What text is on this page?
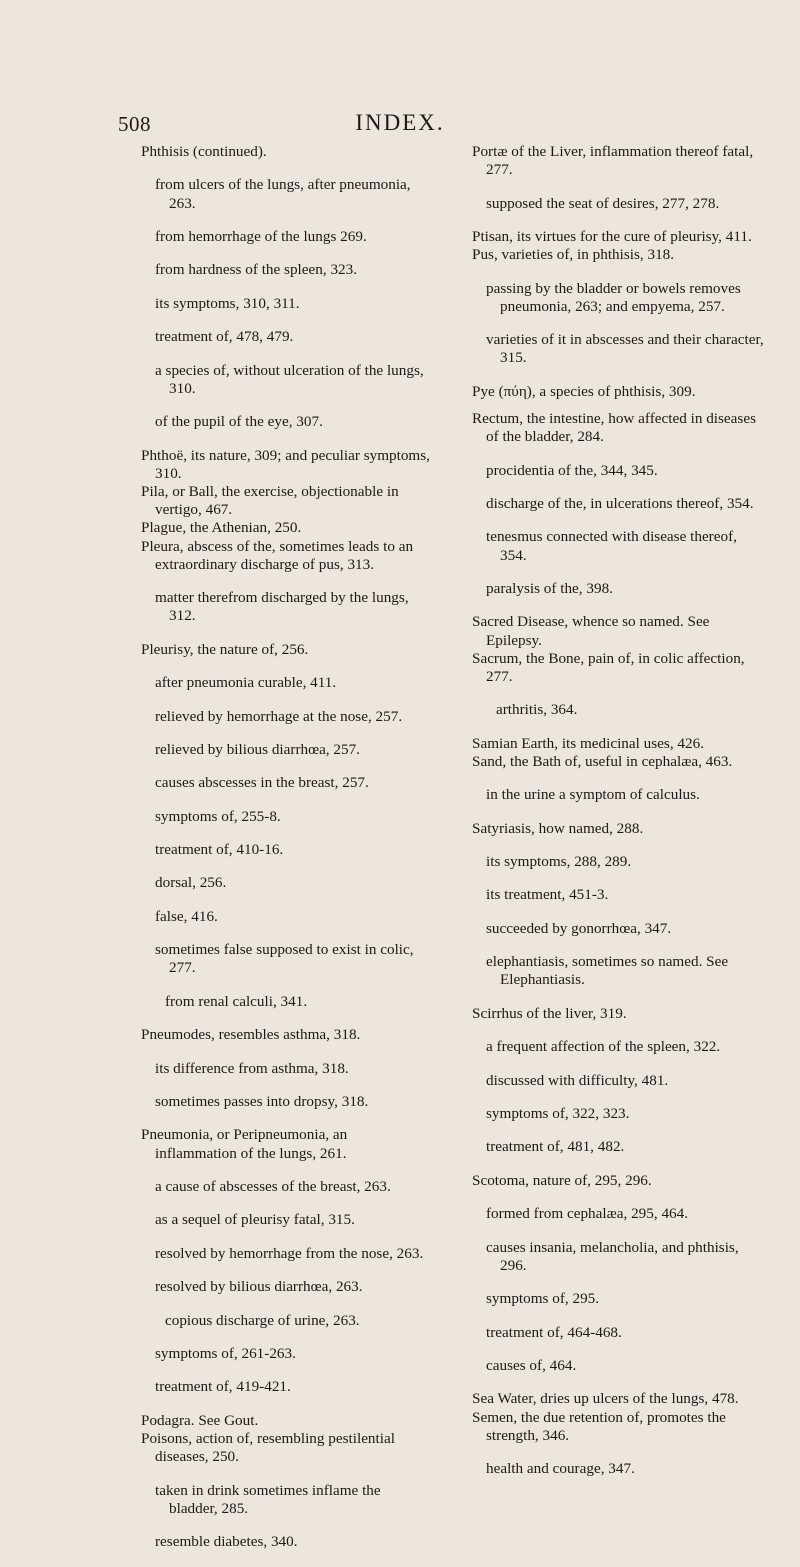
508	INDEX.

Phthisis (continued).

from ulcers of the lungs, after pneumonia, 263.

from hemorrhage of the lungs 269.

from hardness of the spleen, 323.

its symptoms, 310, 311.

treatment of, 478, 479.

a species of, without ulceration of the lungs, 310.

of the pupil of the eye, 307.

Phthoë, its nature, 309; and peculiar symptoms, 310.

Pila, or Ball, the exercise, objectionable in vertigo, 467.

Plague, the Athenian, 250.

Pleura, abscess of the, sometimes leads to an extraordinary discharge of pus, 313.

matter therefrom discharged by the lungs, 312.

Pleurisy, the nature of, 256.

after pneumonia curable, 411.

relieved by hemorrhage at the nose, 257.

relieved by bilious diarrhœa, 257.

causes abscesses in the breast, 257.

symptoms of, 255-8.

treatment of, 410-16.

dorsal, 256.

false, 416.

sometimes false supposed to exist in colic, 277.

from renal calculi, 341.

Pneumodes, resembles asthma, 318.

its difference from asthma, 318.

sometimes passes into dropsy, 318.

Pneumonia, or Peripneumonia, an inflammation of the lungs, 261.

a cause of abscesses of the breast, 263.

as a sequel of pleurisy fatal, 315.

resolved by hemorrhage from the nose, 263.

resolved by bilious diarrhœa, 263.

copious discharge of urine, 263.

symptoms of, 261-263.

treatment of, 419-421.

Podagra. See Gout.

Poisons, action of, resembling pestilential diseases, 250.

taken in drink sometimes inflame the bladder, 285.

resemble diabetes, 340.

Portæ of the Liver, inflammation thereof fatal, 277.

supposed the seat of desires, 277, 278.

Ptisan, its virtues for the cure of pleurisy, 411.

Pus, varieties of, in phthisis, 318.

passing by the bladder or bowels removes pneumonia, 263; and empyema, 257.

varieties of it in abscesses and their character, 315.

Pye (πύη), a species of phthisis, 309.

Rectum, the intestine, how affected in diseases of the bladder, 284.

procidentia of the, 344, 345.

discharge of the, in ulcerations thereof, 354.

tenesmus connected with disease thereof, 354.

paralysis of the, 398.

Sacred Disease, whence so named. See Epilepsy.

Sacrum, the Bone, pain of, in colic affection, 277.

arthritis, 364.

Samian Earth, its medicinal uses, 426.

Sand, the Bath of, useful in cephalæa, 463.

in the urine a symptom of calculus.

Satyriasis, how named, 288.

its symptoms, 288, 289.

its treatment, 451-3.

succeeded by gonorrhœa, 347.

elephantiasis, sometimes so named. See Elephantiasis.

Scirrhus of the liver, 319.

a frequent affection of the spleen, 322.

discussed with difficulty, 481.

symptoms of, 322, 323.

treatment of, 481, 482.

Scotoma, nature of, 295, 296.

formed from cephalæa, 295, 464.

causes insania, melancholia, and phthisis, 296.

symptoms of, 295.

treatment of, 464-468.

causes of, 464.

Sea Water, dries up ulcers of the lungs, 478.

Semen, the due retention of, promotes the strength, 346.

health and courage, 347.
